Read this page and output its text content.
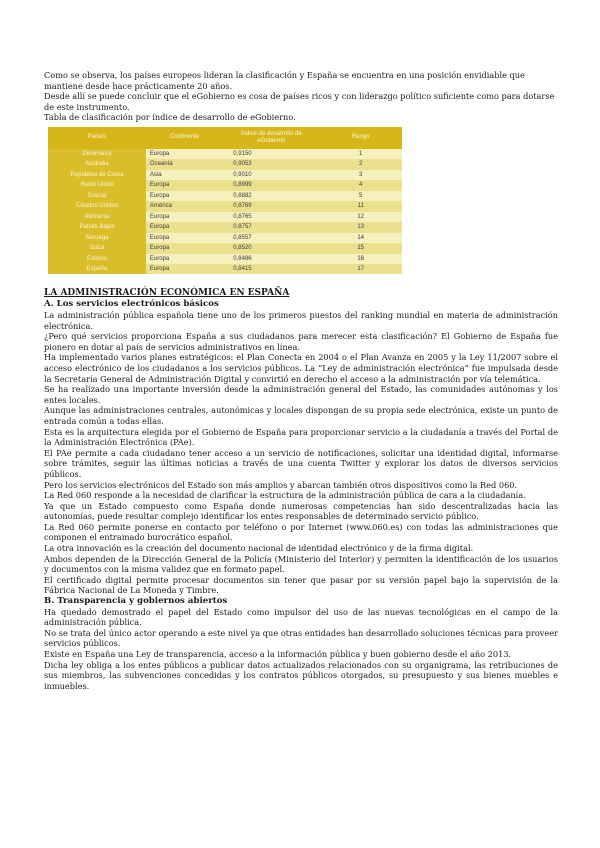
Como se observa, los países europeos lideran la clasificación y España se encuentra en una posición envidiable que mantiene desde hace prácticamente 20 años.

Desde allí se puede concluir que el eGobierno es cosa de países ricos y con liderazgo político suficiente como para dotarse de este instrumento.

Tabla de clasificación por índice de desarrollo de eGobierno.

Países	Continente	Índice de desarrollo de eGobierno	Rango
Dinamarca	Europa	0,9150	1
Australia	Oceanía	0,9053	2
República de Corea	Asia	0,9010	3
Reino Unido	Europa	0,8999	4
Suecia	Europa	0,8882	5
Estados Unidos	América	0,8769	11
Alemania	Europa	0,8765	12
Países Bajos	Europa	0,8757	13
Noruega	Europa	0,8557	14
Suiza	Europa	0,8520	15
Estonia	Europa	0,8486	16
España	Europa	0,8415	17
LA ADMINISTRACIÓN ECONÓMICA EN ESPAÑA
A. Los servicios electrónicos básicos

La administración pública española tiene uno de los primeros puestos del ranking mundial en materia de administración electrónica.

¿Pero qué servicios proporciona España a sus ciudadanos para merecer esta clasificación? El Gobierno de España fue pionero en dotar al país de servicios administrativos en línea.

Ha implementado varios planes estratégicos: el Plan Conecta en 2004 o el Plan Avanza en 2005 y la Ley 11/2007 sobre el acceso electrónico de los ciudadanos a los servicios públicos. La “Ley de administración electrónica” fue impulsada desde la Secretaría General de Administración Digital y convirtió en derecho el acceso a la administración por vía telemática.

Se ha realizado una importante inversión desde la administración general del Estado, las comunidades autónomas y los entes locales.

Aunque las administraciones centrales, autonómicas y locales dispongan de su propia sede electrónica, existe un punto de entrada común a todas ellas.

Esta es la arquitectura elegida por el Gobierno de España para proporcionar servicio a la ciudadanía a través del Portal de la Administración Electrónica (PAe).

El PAe permite a cada ciudadano tener acceso a un servicio de notificaciones, solicitar una identidad digital, informarse sobre trámites, seguir las últimas noticias a través de una cuenta Twitter y explorar los datos de diversos servicios públicos.

Pero los servicios electrónicos del Estado son más amplios y abarcan también otros dispositivos como la Red 060.

La Red 060 responde a la necesidad de clarificar la estructura de la administración pública de cara a la ciudadanía.

Ya que un Estado compuesto como España donde numerosas competencias han sido descentralizadas hacia las autonomías, puede resultar complejo identificar los entes responsables de determinado servicio público.

La Red 060 permite ponerse en contacto por teléfono o por Internet (www.060.es) con todas las administraciones que componen el entramado burocrático español.

La otra innovación es la creación del documento nacional de identidad electrónico y de la firma digital.

Ambos dependen de la Dirección General de la Policía (Ministerio del Interior) y permiten la identificación de los usuarios y documentos con la misma validez que en formato papel.

El certificado digital permite procesar documentos sin tener que pasar por su versión papel bajo la supervisión de la Fábrica Nacional de La Moneda y Timbre.

B. Transparencia y gobiernos abiertos

Ha quedado demostrado el papel del Estado como impulsor del uso de las nuevas tecnológicas en el campo de la administración pública.

No se trata del único actor operando a este nivel ya que otras entidades han desarrollado soluciones técnicas para proveer servicios públicos.

Existe en España una Ley de transparencia, acceso a la información pública y buen gobierno desde el año 2013.

Dicha ley obliga a los entes públicos a publicar datos actualizados relacionados con su organigrama, las retribuciones de sus miembros, las subvenciones concedidas y los contratos públicos otorgados, su presupuesto y sus bienes muebles e inmuebles.
